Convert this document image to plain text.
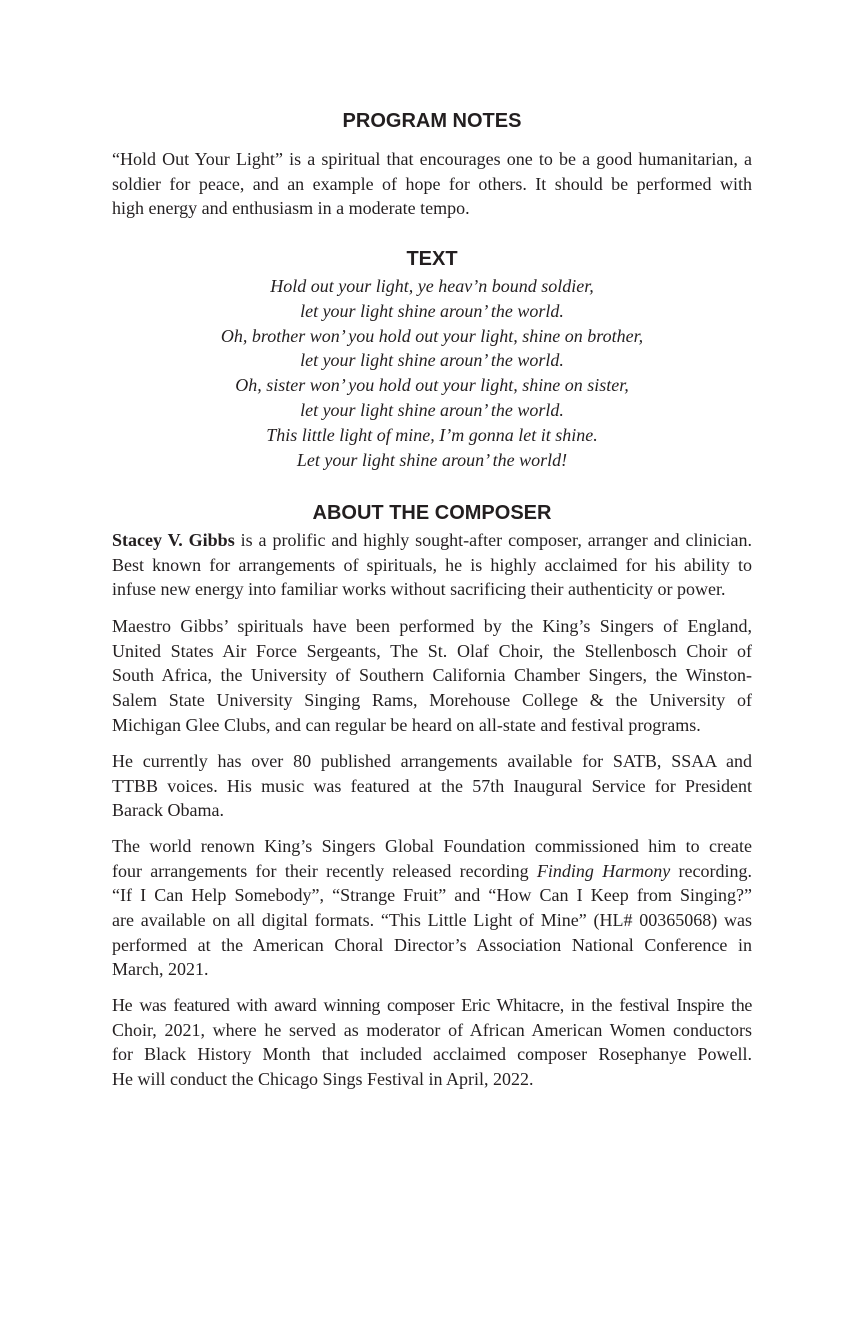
PROGRAM NOTES
“Hold Out Your Light” is a spiritual that encourages one to be a good humanitarian, a
soldier for peace, and an example of hope for others. It should be performed with
high energy and enthusiasm in a moderate tempo.
TEXT
Hold out your light, ye heav’n bound soldier,
let your light shine aroun’ the world.
Oh, brother won’ you hold out your light, shine on brother,
let your light shine aroun’ the world.
Oh, sister won’ you hold out your light, shine on sister,
let your light shine aroun’ the world.
This little light of mine, I’m gonna let it shine.
Let your light shine aroun’ the world!
ABOUT THE COMPOSER
Stacey V. Gibbs is a prolific and highly sought-after composer, arranger and clinician.
Best known for arrangements of spirituals, he is highly acclaimed for his ability to
infuse new energy into familiar works without sacrificing their authenticity or power.
Maestro Gibbs’ spirituals have been performed by the King’s Singers of England,
United States Air Force Sergeants, The St. Olaf Choir, the Stellenbosch Choir of
South Africa, the University of Southern California Chamber Singers, the Winston-
Salem State University Singing Rams, Morehouse College & the University of
Michigan Glee Clubs, and can regular be heard on all-state and festival programs.
He currently has over 80 published arrangements available for SATB, SSAA and
TTBB voices. His music was featured at the 57th Inaugural Service for President
Barack Obama.
The world renown King’s Singers Global Foundation commissioned him to create
four arrangements for their recently released recording Finding Harmony recording.
“If I Can Help Somebody”, “Strange Fruit” and “How Can I Keep from Singing?”
are available on all digital formats. “This Little Light of Mine” (HL# 00365068) was
performed at the American Choral Director’s Association National Conference in
March, 2021.
He was featured with award winning composer Eric Whitacre, in the festival Inspire the
Choir, 2021, where he served as moderator of African American Women conductors
for Black History Month that included acclaimed composer Rosephanye Powell.
He will conduct the Chicago Sings Festival in April, 2022.
